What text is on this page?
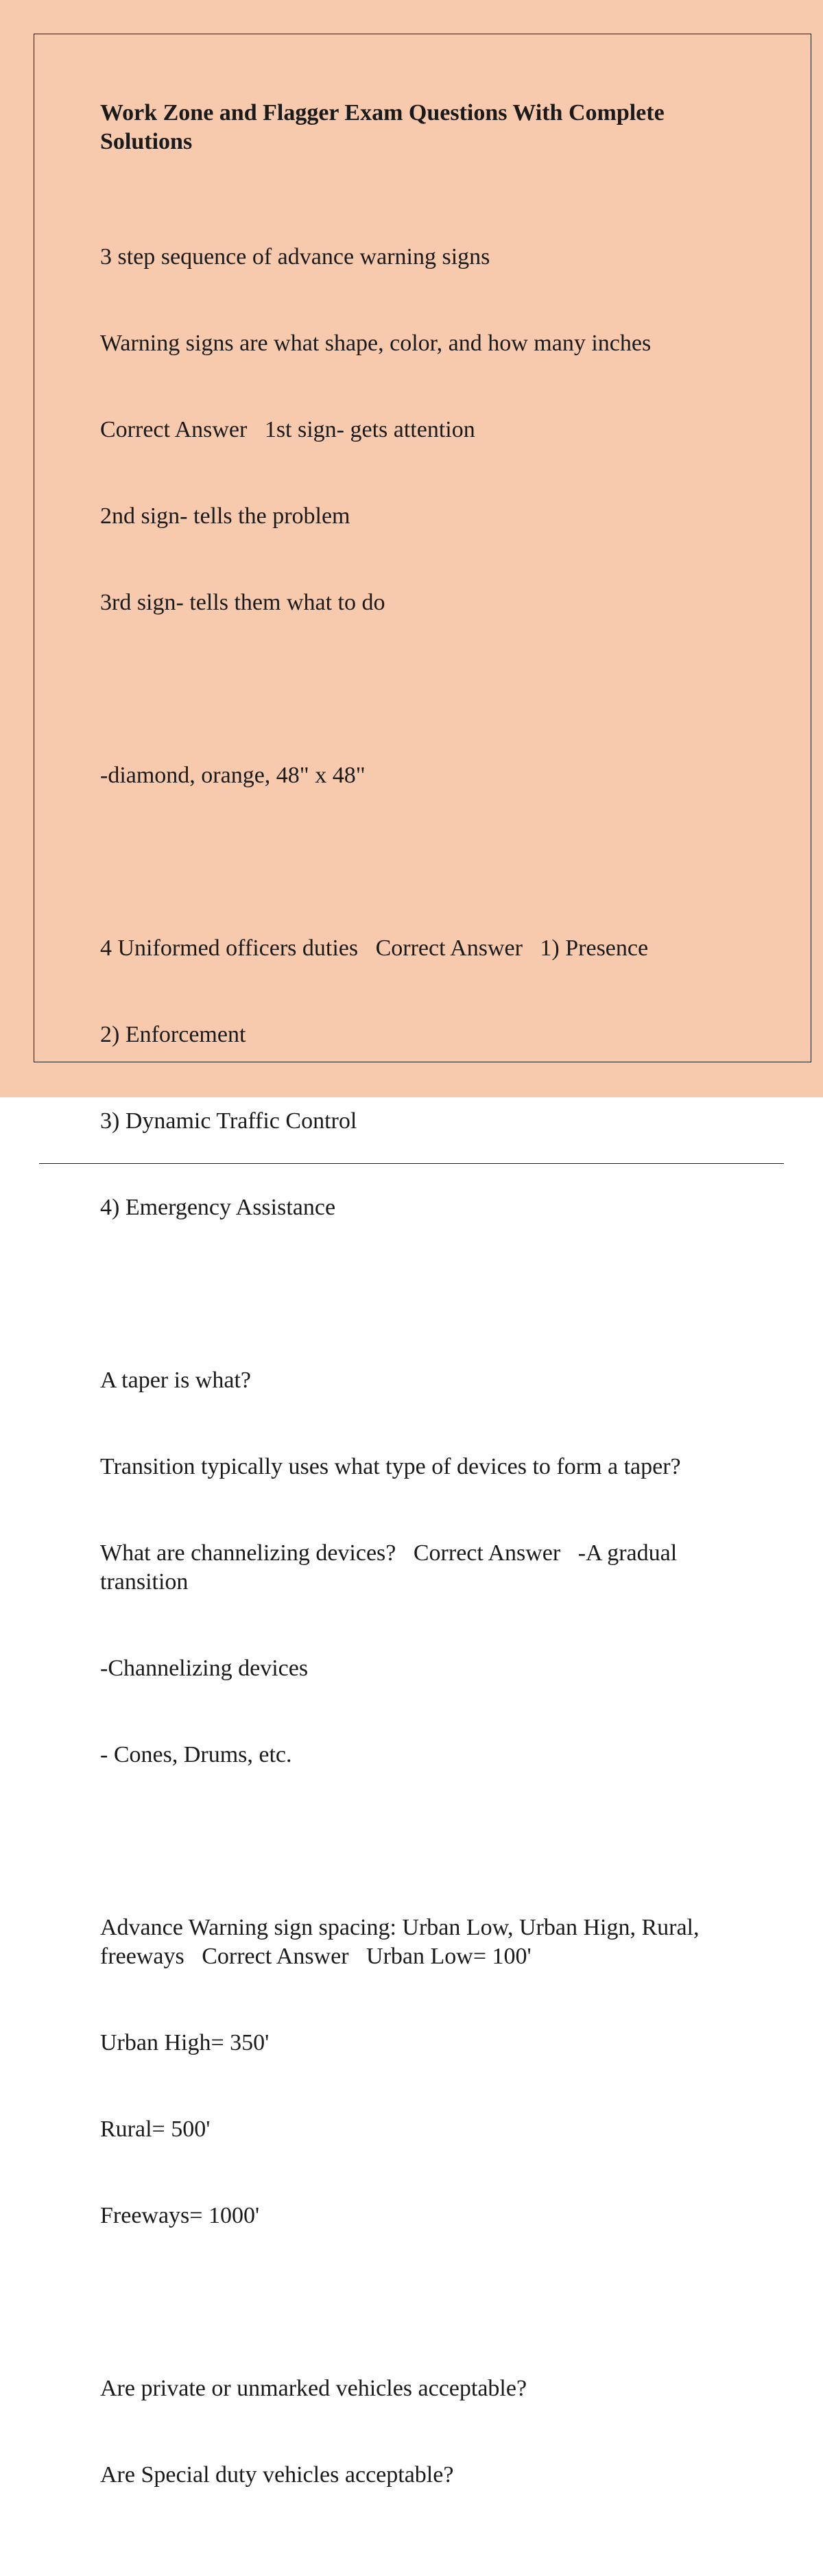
Work Zone and Flagger Exam Questions With Complete Solutions

3 step sequence of advance warning signs

Warning signs are what shape, color, and how many inches

Correct Answer   1st sign- gets attention

2nd sign- tells the problem

3rd sign- tells them what to do

-diamond, orange, 48" x 48"

4 Uniformed officers duties   Correct Answer   1) Presence

2) Enforcement

3) Dynamic Traffic Control

4) Emergency Assistance

A taper is what?

Transition typically uses what type of devices to form a taper?

What are channelizing devices?   Correct Answer   -A gradual transition

-Channelizing devices

- Cones, Drums, etc.

Advance Warning sign spacing: Urban Low, Urban Hign, Rural, freeways   Correct Answer   Urban Low= 100'

Urban High= 350'

Rural= 500'

Freeways= 1000'

Are private or unmarked vehicles acceptable?

Are Special duty vehicles acceptable?
